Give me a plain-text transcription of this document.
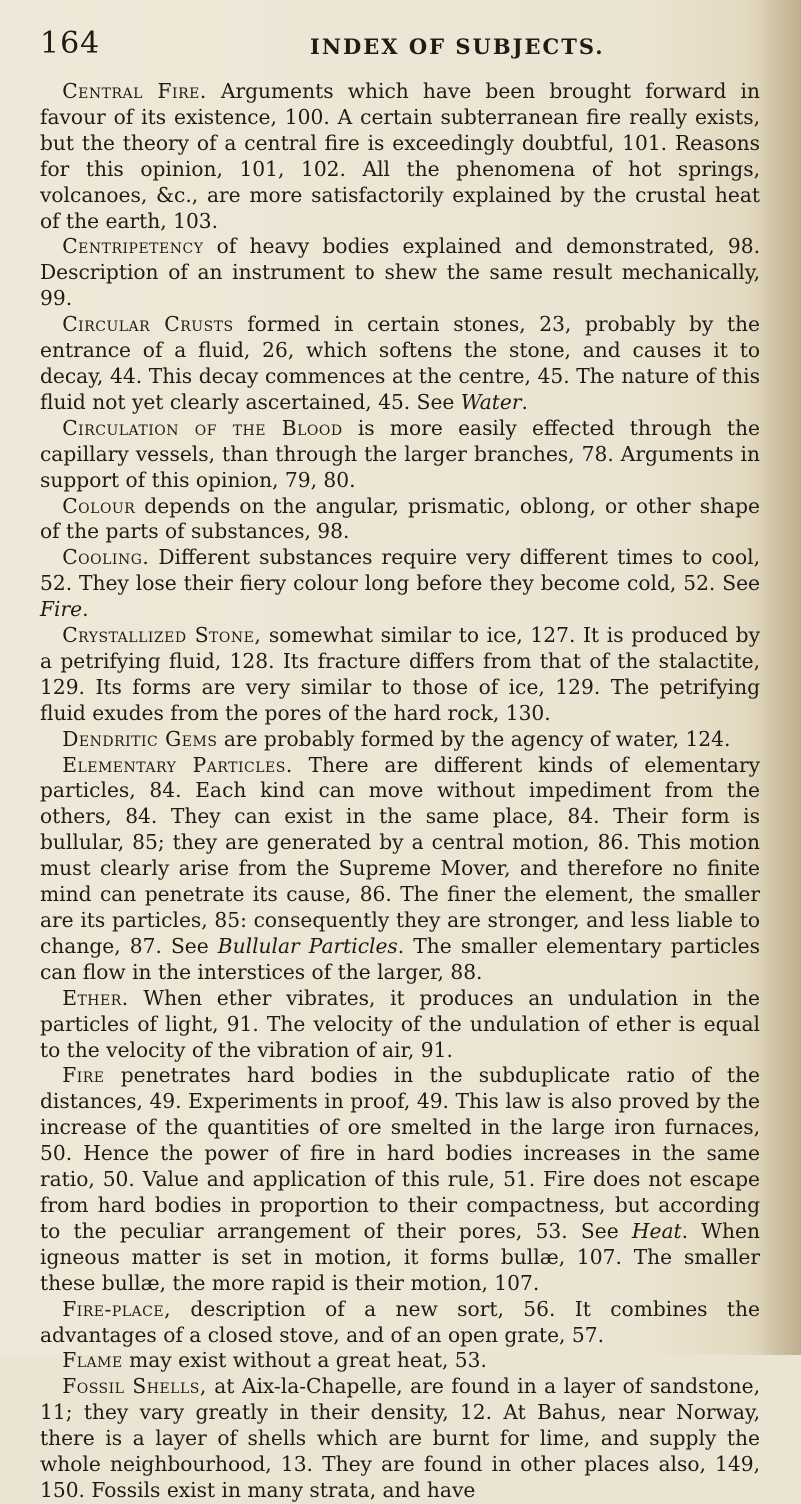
164	INDEX OF SUBJECTS.

Central Fire. Arguments which have been brought forward in favour of its existence, 100. A certain subterranean fire really exists, but the theory of a central fire is exceedingly doubtful, 101. Reasons for this opinion, 101, 102. All the phenomena of hot springs, volcanoes, &c., are more satisfactorily explained by the crustal heat of the earth, 103.

Centripetency of heavy bodies explained and demonstrated, 98. Description of an instrument to shew the same result mechanically, 99.

Circular Crusts formed in certain stones, 23, probably by the entrance of a fluid, 26, which softens the stone, and causes it to decay, 44. This decay commences at the centre, 45. The nature of this fluid not yet clearly ascertained, 45. See Water.

Circulation of the Blood is more easily effected through the capillary vessels, than through the larger branches, 78. Arguments in support of this opinion, 79, 80.

Colour depends on the angular, prismatic, oblong, or other shape of the parts of substances, 98.

Cooling. Different substances require very different times to cool, 52. They lose their fiery colour long before they become cold, 52. See Fire.

Crystallized Stone, somewhat similar to ice, 127. It is produced by a petrifying fluid, 128. Its fracture differs from that of the stalactite, 129. Its forms are very similar to those of ice, 129. The petrifying fluid exudes from the pores of the hard rock, 130.

Dendritic Gems are probably formed by the agency of water, 124.

Elementary Particles. There are different kinds of elementary particles, 84. Each kind can move without impediment from the others, 84. They can exist in the same place, 84. Their form is bullular, 85; they are generated by a central motion, 86. This motion must clearly arise from the Supreme Mover, and therefore no finite mind can penetrate its cause, 86. The finer the element, the smaller are its particles, 85: consequently they are stronger, and less liable to change, 87. See Bullular Particles. The smaller elementary particles can flow in the interstices of the larger, 88.

Ether. When ether vibrates, it produces an undulation in the particles of light, 91. The velocity of the undulation of ether is equal to the velocity of the vibration of air, 91.

Fire penetrates hard bodies in the subduplicate ratio of the distances, 49. Experiments in proof, 49. This law is also proved by the increase of the quantities of ore smelted in the large iron furnaces, 50. Hence the power of fire in hard bodies increases in the same ratio, 50. Value and application of this rule, 51. Fire does not escape from hard bodies in proportion to their compactness, but according to the peculiar arrangement of their pores, 53. See Heat. When igneous matter is set in motion, it forms bullæ, 107. The smaller these bullæ, the more rapid is their motion, 107.

Fire-place, description of a new sort, 56. It combines the advantages of a closed stove, and of an open grate, 57.

Flame may exist without a great heat, 53.

Fossil Shells, at Aix-la-Chapelle, are found in a layer of sandstone, 11; they vary greatly in their density, 12. At Bahus, near Norway, there is a layer of shells which are burnt for lime, and supply the whole neighbourhood, 13. They are found in other places also, 149, 150. Fossils exist in many strata, and have
